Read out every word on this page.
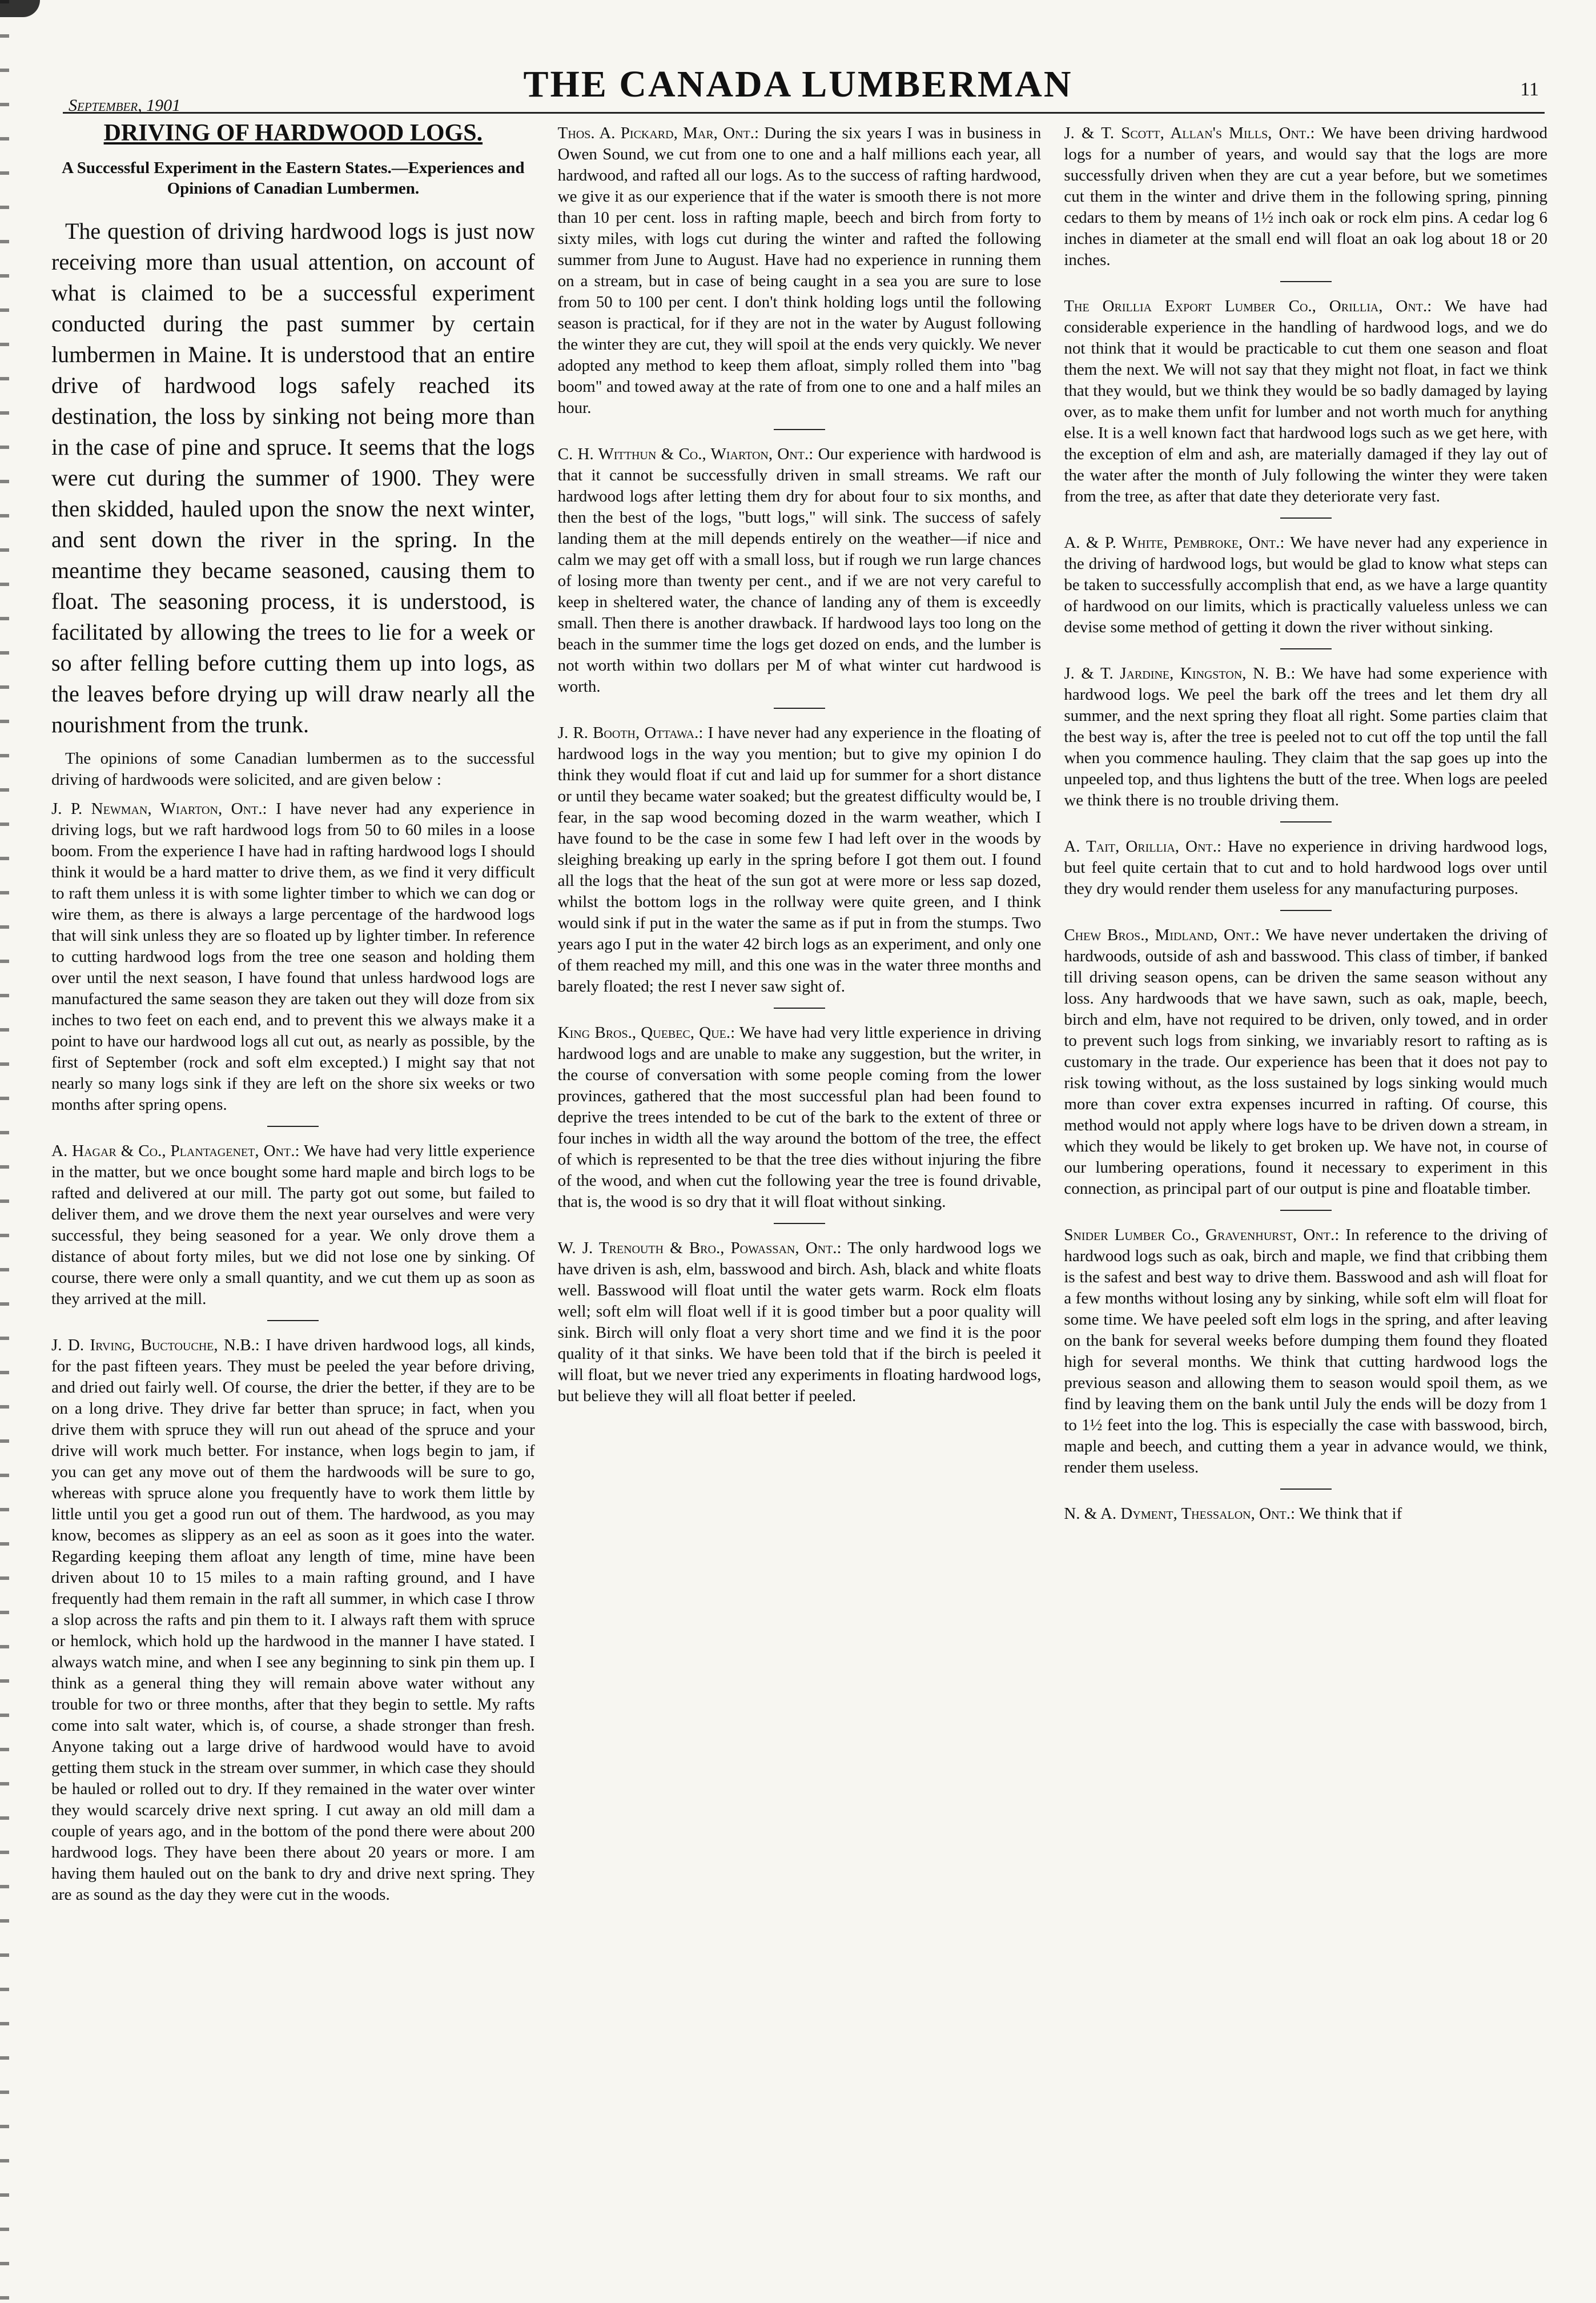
September, 1901
THE CANADA LUMBERMAN	11
DRIVING OF HARDWOOD LOGS.
A Successful Experiment in the Eastern States.—Experiences and Opinions of Canadian Lumbermen.

The question of driving hardwood logs is just now receiving more than usual attention, on account of what is claimed to be a successful experiment conducted during the past summer by certain lumbermen in Maine. It is understood that an entire drive of hardwood logs safely reached its destination, the loss by sinking not being more than in the case of pine and spruce. It seems that the logs were cut during the summer of 1900. They were then skidded, hauled upon the snow the next winter, and sent down the river in the spring. In the meantime they became seasoned, causing them to float. The seasoning process, it is understood, is facilitated by allowing the trees to lie for a week or so after felling before cutting them up into logs, as the leaves before drying up will draw nearly all the nourishment from the trunk.

The opinions of some Canadian lumbermen as to the successful driving of hardwoods were solicited, and are given below :

J. P. Newman, Wiarton, Ont.: I have never had any experience in driving logs, but we raft hardwood logs from 50 to 60 miles in a loose boom. From the experience I have had in rafting hardwood logs I should think it would be a hard matter to drive them, as we find it very difficult to raft them unless it is with some lighter timber to which we can dog or wire them, as there is always a large percentage of the hardwood logs that will sink unless they are so floated up by lighter timber. In reference to cutting hardwood logs from the tree one season and holding them over until the next season, I have found that unless hardwood logs are manufactured the same season they are taken out they will doze from six inches to two feet on each end, and to prevent this we always make it a point to have our hardwood logs all cut out, as nearly as possible, by the first of September (rock and soft elm excepted.) I might say that not nearly so many logs sink if they are left on the shore six weeks or two months after spring opens.

A. Hagar & Co., Plantagenet, Ont.: We have had very little experience in the matter, but we once bought some hard maple and birch logs to be rafted and delivered at our mill. The party got out some, but failed to deliver them, and we drove them the next year ourselves and were very successful, they being seasoned for a year. We only drove them a distance of about forty miles, but we did not lose one by sinking. Of course, there were only a small quantity, and we cut them up as soon as they arrived at the mill.

J. D. Irving, Buctouche, N.B.: I have driven hardwood logs, all kinds, for the past fifteen years. They must be peeled the year before driving, and dried out fairly well. Of course, the drier the better, if they are to be on a long drive. They drive far better than spruce; in fact, when you drive them with spruce they will run out ahead of the spruce and your drive will work much better. For instance, when logs begin to jam, if you can get any move out of them the hardwoods will be sure to go, whereas with spruce alone you frequently have to work them little by little until you get a good run out of them. The hardwood, as you may know, becomes as slippery as an eel as soon as it goes into the water. Regarding keeping them afloat any length of time, mine have been driven about 10 to 15 miles to a main rafting ground, and I have frequently had them remain in the raft all summer, in which case I throw a slop across the rafts and pin them to it. I always raft them with spruce or hemlock, which hold up the hardwood in the manner I have stated. I always watch mine, and when I see any beginning to sink pin them up. I think as a general thing they will remain above water without any trouble for two or three months, after that they begin to settle. My rafts come into salt water, which is, of course, a shade stronger than fresh. Anyone taking out a large drive of hardwood would have to avoid getting them stuck in the stream over summer, in which case they should be hauled or rolled out to dry. If they remained in the water over winter they would scarcely drive next spring. I cut away an old mill dam a couple of years ago, and in the bottom of the pond there were about 200 hardwood logs. They have been there about 20 years or more. I am having them hauled out on the bank to dry and drive next spring. They are as sound as the day they were cut in the woods.

Thos. A. Pickard, Mar, Ont.: During the six years I was in business in Owen Sound, we cut from one to one and a half millions each year, all hardwood, and rafted all our logs. As to the success of rafting hardwood, we give it as our experience that if the water is smooth there is not more than 10 per cent. loss in rafting maple, beech and birch from forty to sixty miles, with logs cut during the winter and rafted the following summer from June to August. Have had no experience in running them on a stream, but in case of being caught in a sea you are sure to lose from 50 to 100 per cent. I don't think holding logs until the following season is practical, for if they are not in the water by August following the winter they are cut, they will spoil at the ends very quickly. We never adopted any method to keep them afloat, simply rolled them into "bag boom" and towed away at the rate of from one to one and a half miles an hour.

C. H. Witthun & Co., Wiarton, Ont.: Our experience with hardwood is that it cannot be successfully driven in small streams. We raft our hardwood logs after letting them dry for about four to six months, and then the best of the logs, "butt logs," will sink. The success of safely landing them at the mill depends entirely on the weather—if nice and calm we may get off with a small loss, but if rough we run large chances of losing more than twenty per cent., and if we are not very careful to keep in sheltered water, the chance of landing any of them is exceedly small. Then there is another drawback. If hardwood lays too long on the beach in the summer time the logs get dozed on ends, and the lumber is not worth within two dollars per M of what winter cut hardwood is worth.

J. R. Booth, Ottawa.: I have never had any experience in the floating of hardwood logs in the way you mention; but to give my opinion I do think they would float if cut and laid up for summer for a short distance or until they became water soaked; but the greatest difficulty would be, I fear, in the sap wood becoming dozed in the warm weather, which I have found to be the case in some few I had left over in the woods by sleighing breaking up early in the spring before I got them out. I found all the logs that the heat of the sun got at were more or less sap dozed, whilst the bottom logs in the rollway were quite green, and I think would sink if put in the water the same as if put in from the stumps. Two years ago I put in the water 42 birch logs as an experiment, and only one of them reached my mill, and this one was in the water three months and barely floated; the rest I never saw sight of.

King Bros., Quebec, Que.: We have had very little experience in driving hardwood logs and are unable to make any suggestion, but the writer, in the course of conversation with some people coming from the lower provinces, gathered that the most successful plan had been found to deprive the trees intended to be cut of the bark to the extent of three or four inches in width all the way around the bottom of the tree, the effect of which is represented to be that the tree dies without injuring the fibre of the wood, and when cut the following year the tree is found drivable, that is, the wood is so dry that it will float without sinking.

W. J. Trenouth & Bro., Powassan, Ont.: The only hardwood logs we have driven is ash, elm, basswood and birch. Ash, black and white floats well. Basswood will float until the water gets warm. Rock elm floats well; soft elm will float well if it is good timber but a poor quality will sink. Birch will only float a very short time and we find it is the poor quality of it that sinks. We have been told that if the birch is peeled it will float, but we never tried any experiments in floating hardwood logs, but believe they will all float better if peeled.

J. & T. Scott, Allan's Mills, Ont.: We have been driving hardwood logs for a number of years, and would say that the logs are more successfully driven when they are cut a year before, but we sometimes cut them in the winter and drive them in the following spring, pinning cedars to them by means of 1½ inch oak or rock elm pins. A cedar log 6 inches in diameter at the small end will float an oak log about 18 or 20 inches.

The Orillia Export Lumber Co., Orillia, Ont.: We have had considerable experience in the handling of hardwood logs, and we do not think that it would be practicable to cut them one season and float them the next. We will not say that they might not float, in fact we think that they would, but we think they would be so badly damaged by laying over, as to make them unfit for lumber and not worth much for anything else. It is a well known fact that hardwood logs such as we get here, with the exception of elm and ash, are materially damaged if they lay out of the water after the month of July following the winter they were taken from the tree, as after that date they deteriorate very fast.

A. & P. White, Pembroke, Ont.: We have never had any experience in the driving of hardwood logs, but would be glad to know what steps can be taken to successfully accomplish that end, as we have a large quantity of hardwood on our limits, which is practically valueless unless we can devise some method of getting it down the river without sinking.

J. & T. Jardine, Kingston, N. B.: We have had some experience with hardwood logs. We peel the bark off the trees and let them dry all summer, and the next spring they float all right. Some parties claim that the best way is, after the tree is peeled not to cut off the top until the fall when you commence hauling. They claim that the sap goes up into the unpeeled top, and thus lightens the butt of the tree. When logs are peeled we think there is no trouble driving them.

A. Tait, Orillia, Ont.: Have no experience in driving hardwood logs, but feel quite certain that to cut and to hold hardwood logs over until they dry would render them useless for any manufacturing purposes.

Chew Bros., Midland, Ont.: We have never undertaken the driving of hardwoods, outside of ash and basswood. This class of timber, if banked till driving season opens, can be driven the same season without any loss. Any hardwoods that we have sawn, such as oak, maple, beech, birch and elm, have not required to be driven, only towed, and in order to prevent such logs from sinking, we invariably resort to rafting as is customary in the trade. Our experience has been that it does not pay to risk towing without, as the loss sustained by logs sinking would much more than cover extra expenses incurred in rafting. Of course, this method would not apply where logs have to be driven down a stream, in which they would be likely to get broken up. We have not, in course of our lumbering operations, found it necessary to experiment in this connection, as principal part of our output is pine and floatable timber.

Snider Lumber Co., Gravenhurst, Ont.: In reference to the driving of hardwood logs such as oak, birch and maple, we find that cribbing them is the safest and best way to drive them. Basswood and ash will float for a few months without losing any by sinking, while soft elm will float for some time. We have peeled soft elm logs in the spring, and after leaving on the bank for several weeks before dumping them found they floated high for several months. We think that cutting hardwood logs the previous season and allowing them to season would spoil them, as we find by leaving them on the bank until July the ends will be dozy from 1 to 1½ feet into the log. This is especially the case with basswood, birch, maple and beech, and cutting them a year in advance would, we think, render them useless.

N. & A. Dyment, Thessalon, Ont.: We think that if
